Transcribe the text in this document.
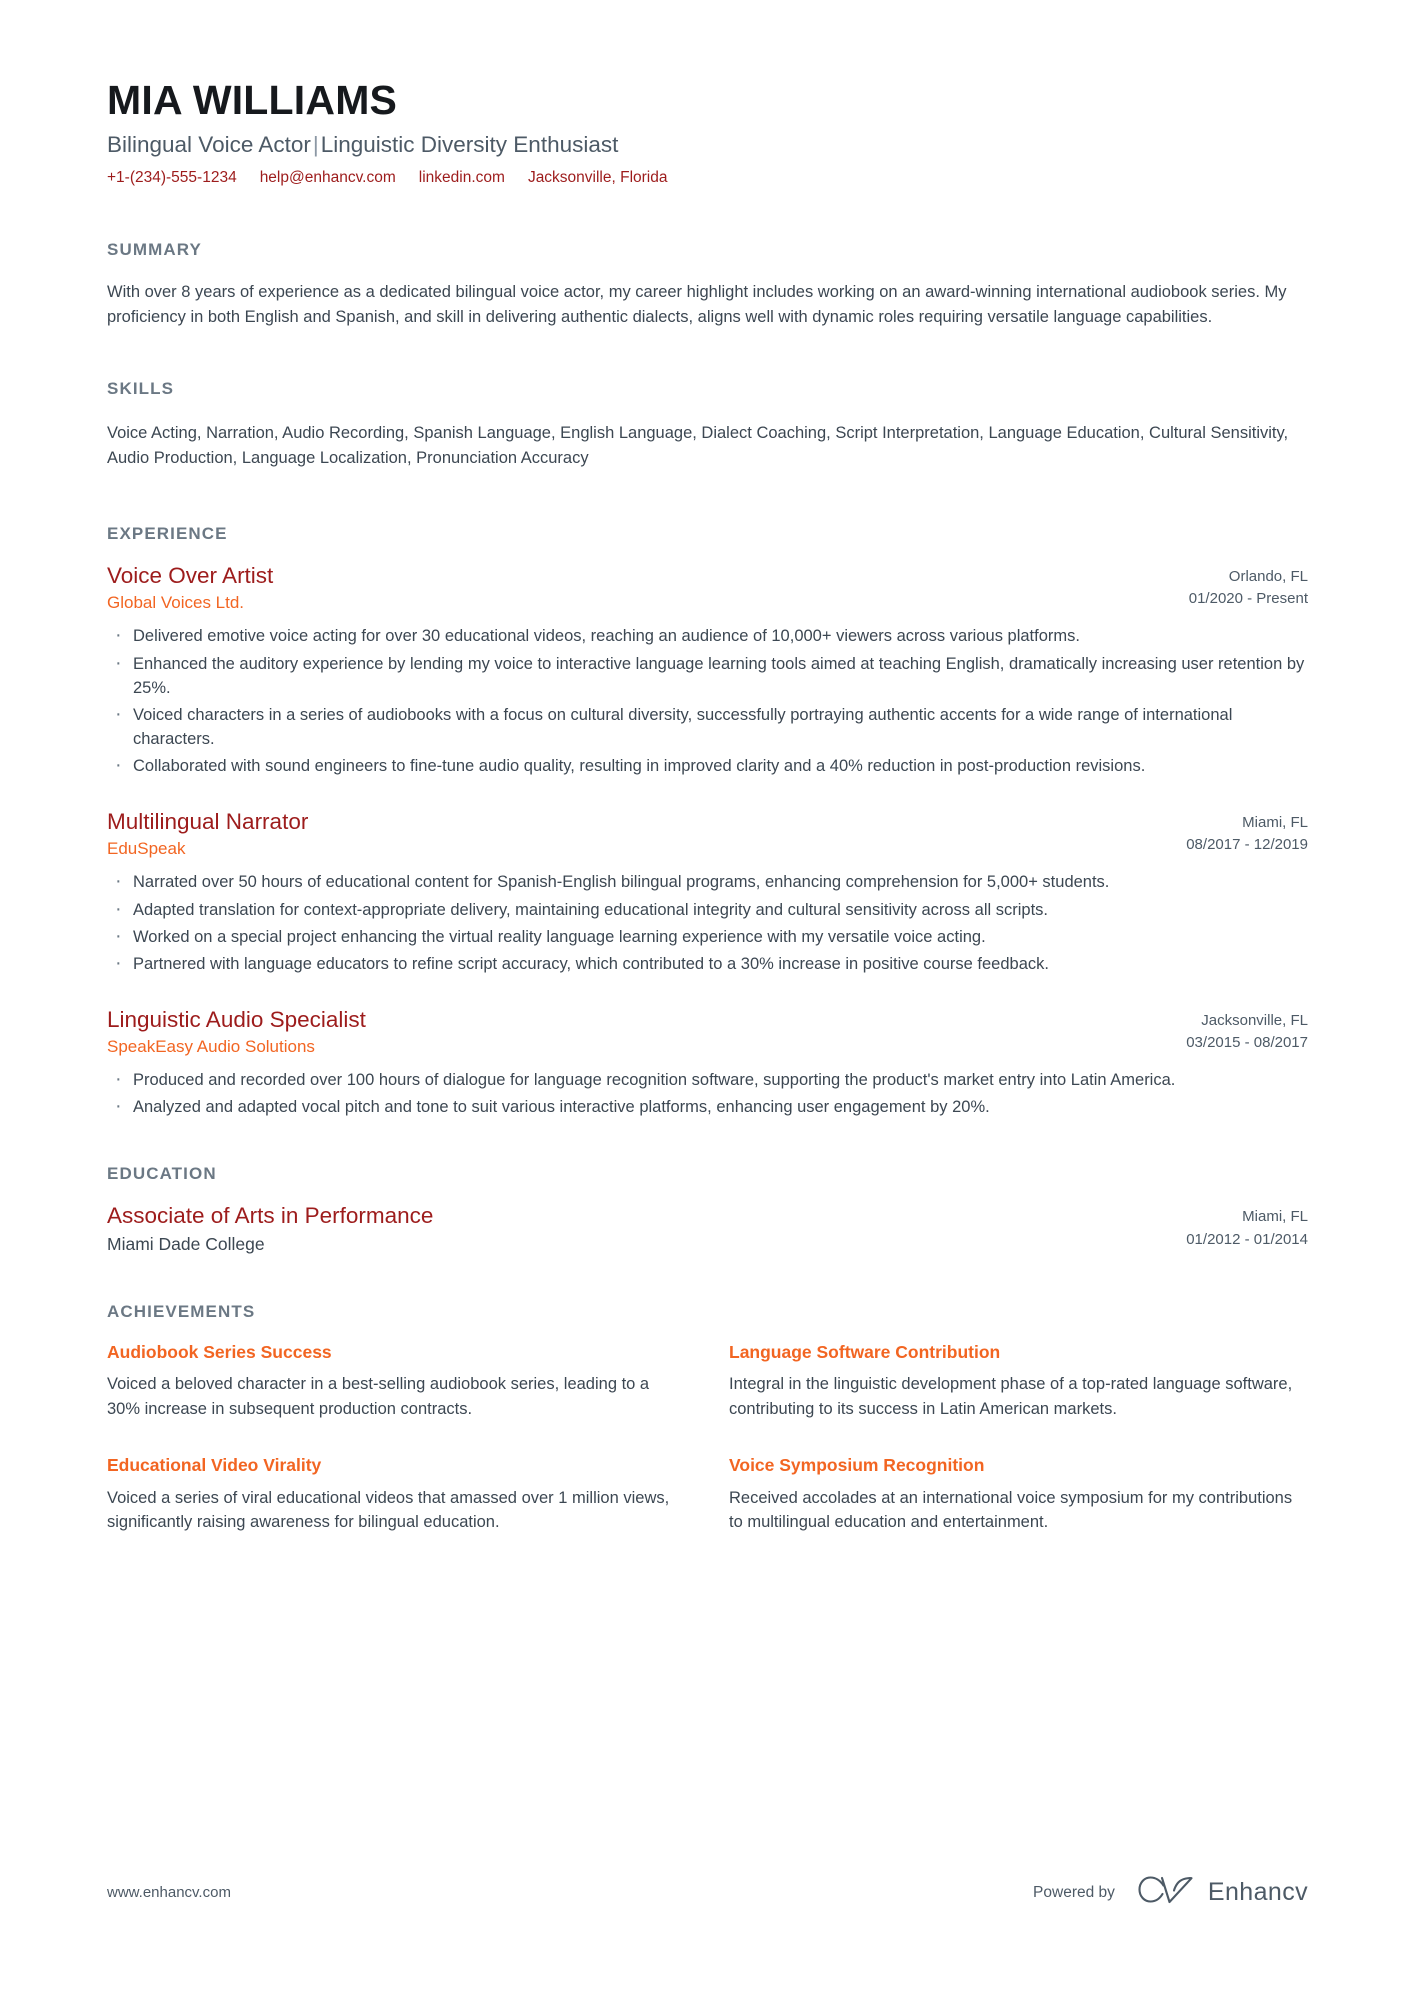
MIA WILLIAMS
Bilingual Voice Actor|Linguistic Diversity Enthusiast
+1-(234)-555-1234 help@enhancv.com linkedin.com Jacksonville, Florida
SUMMARY

With over 8 years of experience as a dedicated bilingual voice actor, my career highlight includes working on an award-winning international audiobook series. My proficiency in both English and Spanish, and skill in delivering authentic dialects, aligns well with dynamic roles requiring versatile language capabilities.

SKILLS

Voice Acting, Narration, Audio Recording, Spanish Language, English Language, Dialect Coaching, Script Interpretation, Language Education, Cultural Sensitivity, Audio Production, Language Localization, Pronunciation Accuracy

EXPERIENCE
Voice Over Artist
Global Voices Ltd.
Orlando, FL
01/2020 - Present
· Delivered emotive voice acting for over 30 educational videos, reaching an audience of 10,000+ viewers across various platforms.
· Enhanced the auditory experience by lending my voice to interactive language learning tools aimed at teaching English, dramatically increasing user retention by 25%.
· Voiced characters in a series of audiobooks with a focus on cultural diversity, successfully portraying authentic accents for a wide range of international characters.
· Collaborated with sound engineers to fine-tune audio quality, resulting in improved clarity and a 40% reduction in post-production revisions.
Multilingual Narrator
EduSpeak
Miami, FL
08/2017 - 12/2019
· Narrated over 50 hours of educational content for Spanish-English bilingual programs, enhancing comprehension for 5,000+ students.
· Adapted translation for context-appropriate delivery, maintaining educational integrity and cultural sensitivity across all scripts.
· Worked on a special project enhancing the virtual reality language learning experience with my versatile voice acting.
· Partnered with language educators to refine script accuracy, which contributed to a 30% increase in positive course feedback.
Linguistic Audio Specialist
SpeakEasy Audio Solutions
Jacksonville, FL
03/2015 - 08/2017
· Produced and recorded over 100 hours of dialogue for language recognition software, supporting the product's market entry into Latin America.
· Analyzed and adapted vocal pitch and tone to suit various interactive platforms, enhancing user engagement by 20%.
EDUCATION
Associate of Arts in Performance
Miami Dade College
Miami, FL
01/2012 - 01/2014
ACHIEVEMENTS
Audiobook Series Success
Voiced a beloved character in a best-selling audiobook series, leading to a 30% increase in subsequent production contracts.
Language Software Contribution
Integral in the linguistic development phase of a top-rated language software, contributing to its success in Latin American markets.
Educational Video Virality
Voiced a series of viral educational videos that amassed over 1 million views, significantly raising awareness for bilingual education.
Voice Symposium Recognition
Received accolades at an international voice symposium for my contributions to multilingual education and entertainment.
www.enhancv.com	Powered by	Enhancv
